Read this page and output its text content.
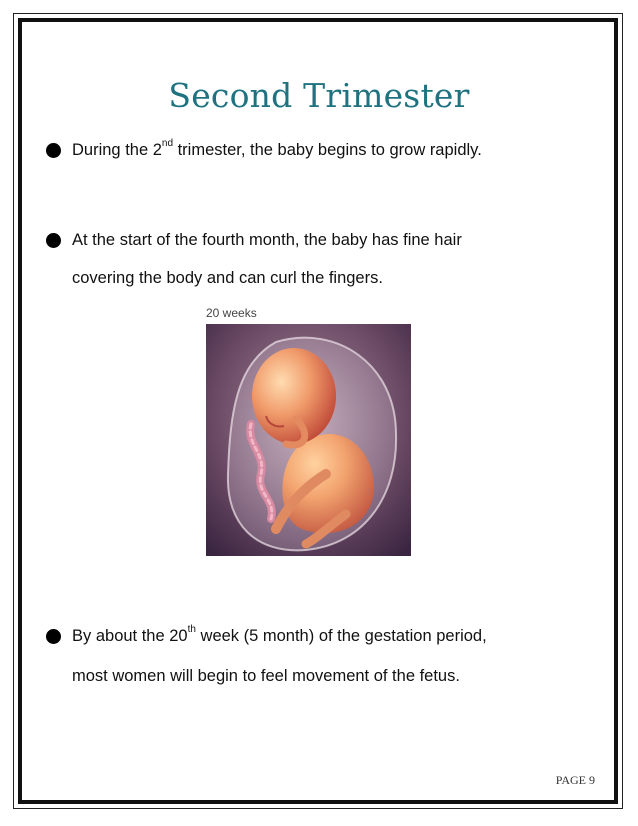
Second Trimester
During the 2nd trimester, the baby begins to grow rapidly.
At the start of the fourth month, the baby has fine hair
covering the body and can curl the fingers.
20 weeks
By about the 20th week (5 month) of the gestation period,
most women will begin to feel movement of the fetus.
PAGE 9
